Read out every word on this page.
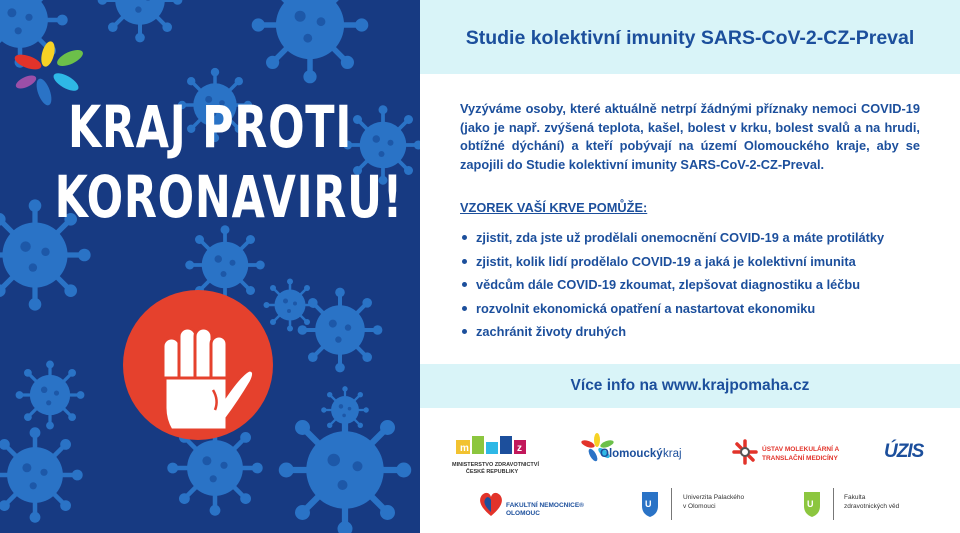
KRAJ PROTI
KORONAVIRU!
Studie kolektivní imunity SARS-CoV-2-CZ-Preval
Vyzýváme osoby, které aktuálně netrpí žádnými příznaky nemoci COVID-19 (jako je např. zvýšená teplota, kašel, bolest v krku, bolest svalů a na hrudi, obtížné dýchání) a kteří pobývají na území Olomouckého kraje, aby se zapojili do Studie kolektivní imunity SARS-CoV-2-CZ-Preval.
VZOREK VAŠÍ KRVE POMŮŽE:
zjistit, zda jste už prodělali onemocnění COVID-19 a máte protilátky
zjistit, kolik lidí prodělalo COVID-19 a jaká je kolektivní imunita
vědcům dále COVID-19 zkoumat, zlepšovat diagnostiku a léčbu
rozvolnit ekonomická opatření a nastartovat ekonomiku
zachránit životy druhých
Více info na www.krajpomaha.cz
m	z
MINISTERSTVO ZDRAVOTNICTVÍ
ČESKÉ REPUBLIKY
Olomoucký kraj	ÚSTAV MOLEKULÁRNÍ A
TRANSLAČNÍ MEDICÍNY ÚZIS
FAKULTNÍ NEMOCNICE®
OLOMOUC
U
Univerzita Palackého
v Olomouci	U
Fakulta
zdravotnických věd
